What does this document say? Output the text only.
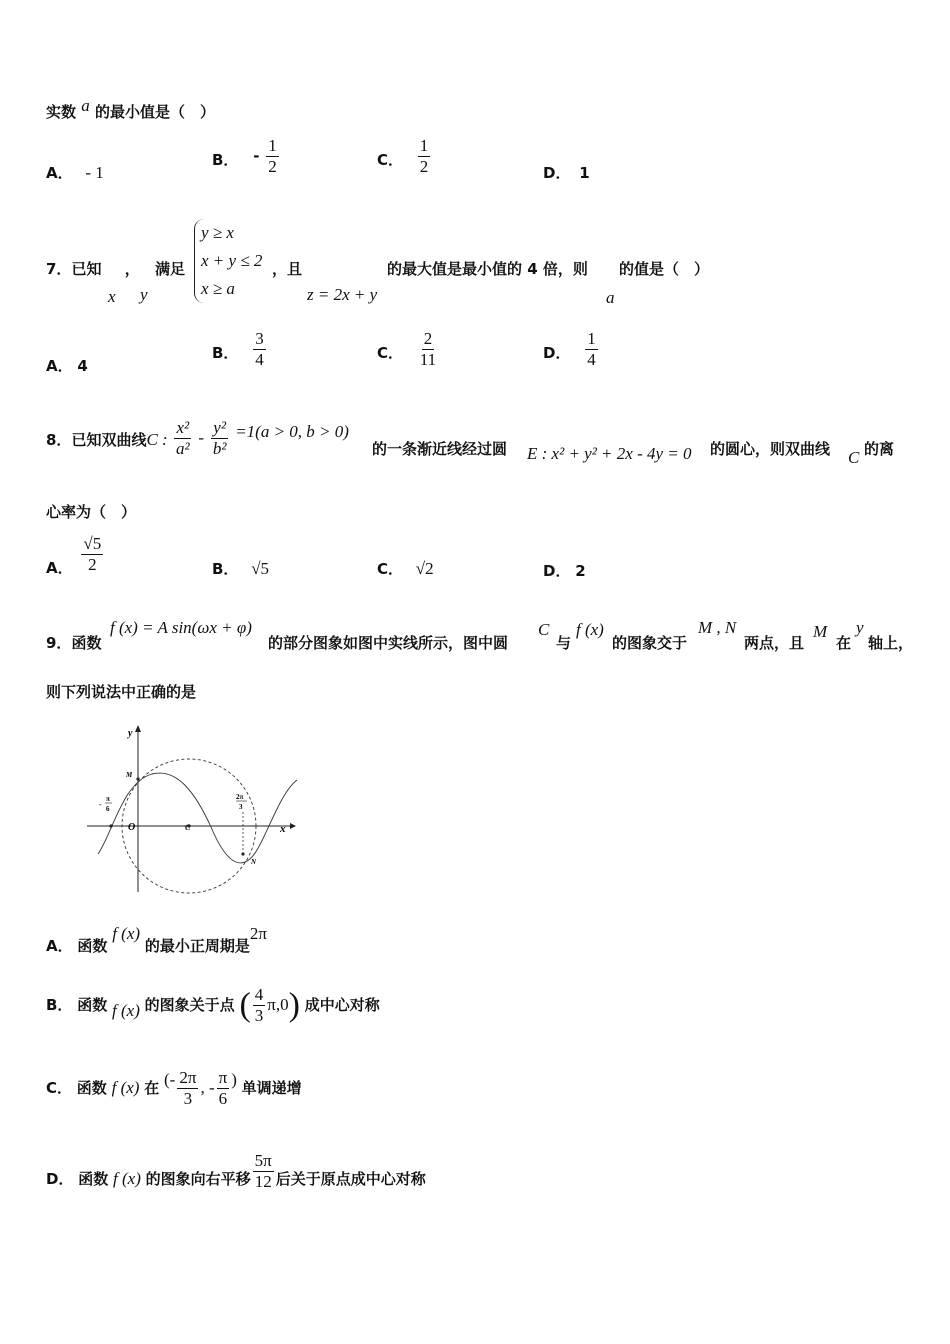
实数 a 的最小值是（　）
A． - 1
B． - $\frac{1}{2}$	C． $\frac{1}{2}$	D． 1
7．已知 ， 满足
x y
y ≥ x
x + y ≤ 2
x ≥ a
，且
z = 2x + y
的最大值是最小值的 4 倍，则
a
的值是（　）
A． 4
B． $\frac{3}{4}$	C． $\frac{2}{11}$	D． $\frac{1}{4}$
8．已知双曲线C : $\frac{\text{x²}}{\text{a²}} - \frac{\text{y²}}{\text{b²}} =1(a > 0$, b > 0)
的一条渐近线经过圆 E : x² + y² + 2x - 4y = 0 的圆心，则双曲线 C 的离
心率为（　）
A． $\frac{√5}{2}$	B． √5	C． √2	D． 2
9．函数
f (x) = A sin(ωx + φ)
的部分图象如图中实线所示，图中圆
C
与
f (x)
的图象交于
M , N
两点，且
M
在
y
轴上，
则下列说法中正确的是
y
x
O
M
N
C
-
π
6
2π
3
A． 函数 f (x) 的最小正周期是2π
B． 函数 f (x) 的图象关于点 ( $\frac{4}{3} \pi,0$) 成中心对称
C． 函数 f (x) 在 (- $\frac{2\pi}{3}$ , - $\frac{\pi}{6}$ ) 单调递增
D． 函数 f (x) 的图象向右平移 $\frac{5\pi}{12}$ 后关于原点成中心对称
